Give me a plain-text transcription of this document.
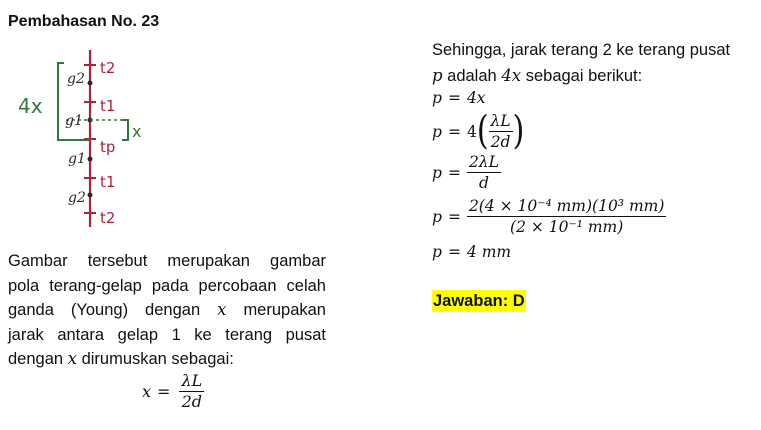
Pembahasan No. 23
4x
x
g2
g1
g1
g2
t2
t1
tp
t1
t2
Gambar tersebut merupakan gambar
pola terang-gelap pada percobaan celah
ganda (Young) dengan x merupakan
jarak antara gelap 1 ke terang pusat
dengan x dirumuskan sebagai:
$x = \frac{\lambda L}{2d}$
Sehingga, jarak terang 2 ke terang pusat
p adalah 4x sebagai berikut:
p = 4x
p = 4 ( $\frac{\lambda L}{2d}$ )
$p = \frac{2\lambda L}{d}$
$p = \frac{\text{2(4 × 10⁻⁴ mm)(10³ mm)}}{\text{(2 × 10⁻¹ mm)}}$
p = 4 mm
Jawaban: D
